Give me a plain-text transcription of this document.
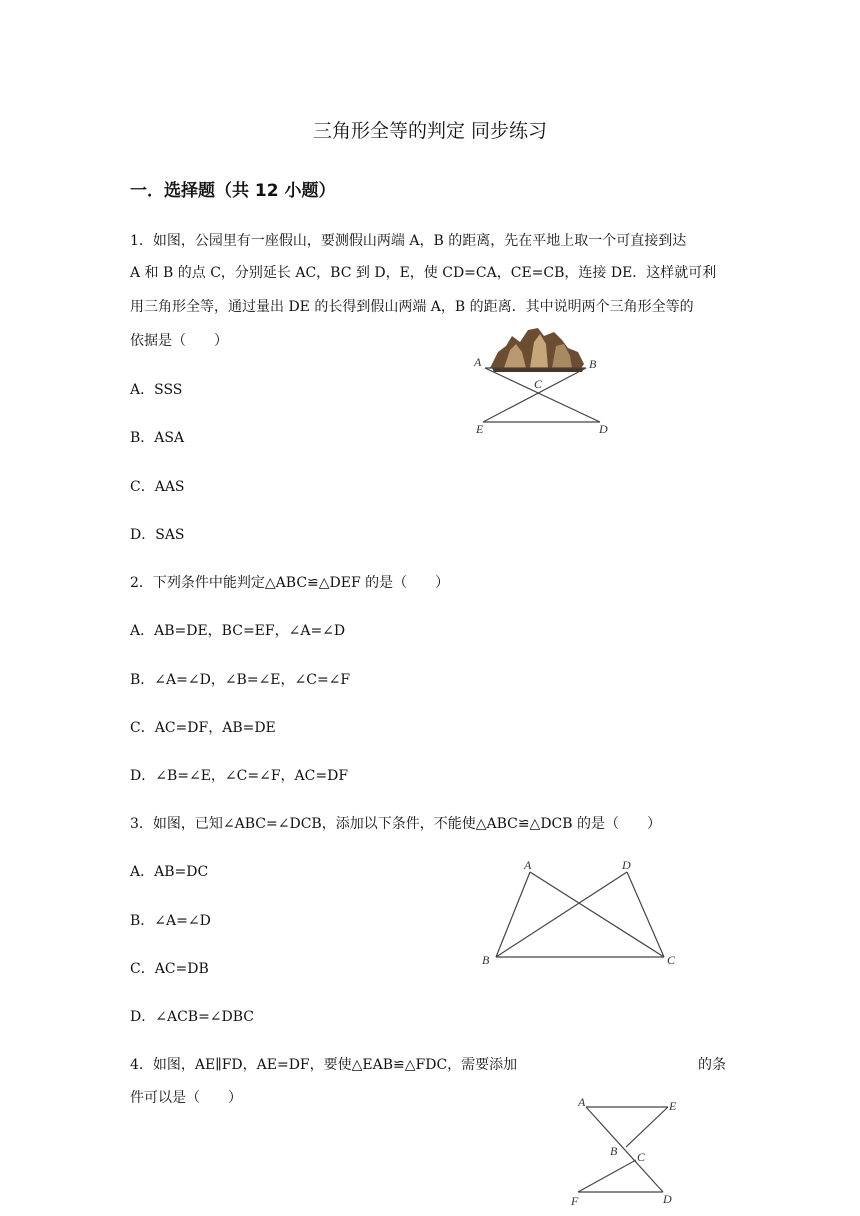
三角形全等的判定 同步练习
一．选择题（共 12 小题）
1．如图，公园里有一座假山，要测假山两端 A，B 的距离，先在平地上取一个可直接到达
A 和 B 的点 C，分别延长 AC，BC 到 D，E，使 CD=CA，CE=CB，连接 DE．这样就可利
用三角形全等，通过量出 DE 的长得到假山两端 A，B 的距离．其中说明两个三角形全等的
依据是（　　）
A．SSS
B．ASA
C．AAS
D．SAS
A	B
C
E	D
2．下列条件中能判定△ABC≌△DEF 的是（　　）
A．AB=DE，BC=EF，∠A=∠D
B．∠A=∠D，∠B=∠E，∠C=∠F
C．AC=DF，AB=DE
D．∠B=∠E，∠C=∠F，AC=DF
3．如图，已知∠ABC=∠DCB，添加以下条件，不能使△ABC≌△DCB 的是（　　）
A．AB=DC
B．∠A=∠D
C．AC=DB
D．∠ACB=∠DBC
A	D
B	C
4．如图，AE∥FD，AE=DF，要使△EAB≌△FDC，需要添加	的条
件可以是（　　）	A	E
B C
F	D
